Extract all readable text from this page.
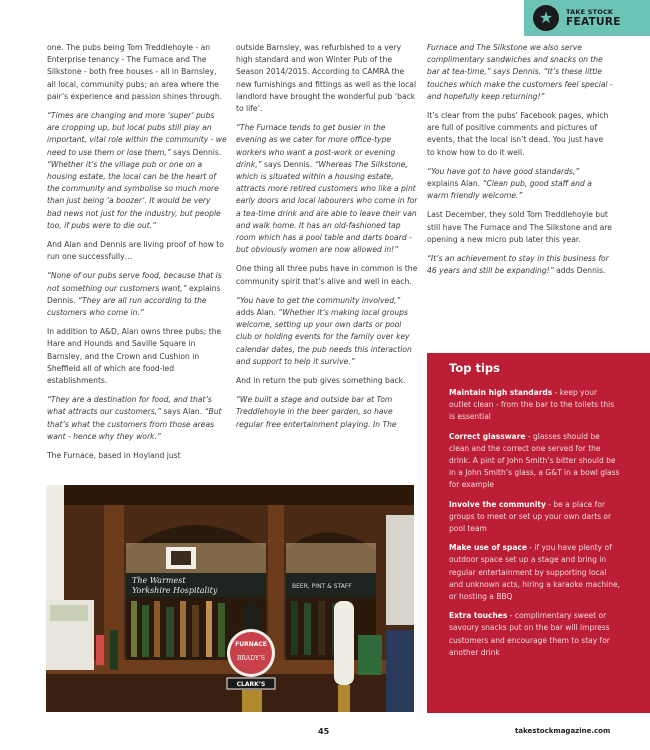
★	TAKE STOCK
FEATURE

one. The pubs being Tom Treddlehoyle - an Enterprise tenancy - The Furnace and The Silkstone - both free houses - all in Barnsley, all local, community pubs; an area where the pair’s experience and passion shines through.

“Times are changing and more ‘super’ pubs are cropping up, but local pubs still play an important, vital role within the community - we need to use them or lose them,” says Dennis. “Whether it’s the village pub or one on a housing estate, the local can be the heart of the community and symbolise so much more than just being ‘a boozer’. It would be very bad news not just for the industry, but people too, if pubs were to die out.”

And Alan and Dennis are living proof of how to run one successfully…

“None of our pubs serve food, because that is not something our customers want,” explains Dennis. “They are all run according to the customers who come in.”

In addition to A&D, Alan owns three pubs; the Hare and Hounds and Saville Square in Barnsley, and the Crown and Cushion in Sheffield all of which are food-led establishments.

“They are a destination for food, and that’s what attracts our customers,” says Alan. “But that’s what the customers from those areas want - hence why they work.”

The Furnace, based in Hoyland just

outside Barnsley, was refurbished to a very high standard and won Winter Pub of the Season 2014/2015. According to CAMRA the new furnishings and fittings as well as the local landlord have brought the wonderful pub ‘back to life’.

“The Furnace tends to get busier in the evening as we cater for more office-type workers who want a post-work or evening drink,” says Dennis. “Whereas The Silkstone, which is situated within a housing estate, attracts more retired customers who like a pint early doors and local labourers who come in for a tea-time drink and are able to leave their van and walk home. It has an old-fashioned tap room which has a pool table and darts board - but obviously women are now allowed in!”

One thing all three pubs have in common is the community spirit that’s alive and well in each.

“You have to get the community involved,” adds Alan. “Whether it’s making local groups welcome, setting up your own darts or pool club or holding events for the family over key calendar dates, the pub needs this interaction and support to help it survive.”

And in return the pub gives something back.

“We built a stage and outside bar at Tom Treddlehoyle in the beer garden, so have regular free entertainment playing. In The

Furnace and The Silkstone we also serve complimentary sandwiches and snacks on the bar at tea-time,” says Dennis. “It’s these little touches which make the customers feel special - and hopefully keep returning!”

It’s clear from the pubs’ Facebook pages, which are full of positive comments and pictures of events, that the local isn’t dead. You just have to know how to do it well.

“You have got to have good standards,” explains Alan. “Clean pub, good staff and a warm friendly welcome.”

Last December, they sold Tom Treddlehoyle but still have The Furnace and The Silkstone and are opening a new micro pub later this year.

“It’s an achievement to stay in this business for 46 years and still be expanding!” adds Dennis.

The Warmest Yorkshire Hospitality	BEER, PINT & STAFF
FURNACE
BRADY’S
CLARK’S
Top tips
Maintain high standards - keep your outlet clean - from the bar to the toilets this is essential
Correct glassware - glasses should be clean and the correct one served for the drink. A pint of John Smith’s bitter should be in a John Smith’s glass, a G&T in a bowl glass for example
Involve the community - be a place for groups to meet or set up your own darts or pool team
Make use of space - if you have plenty of outdoor space set up a stage and bring in regular entertainment by supporting local and unknown acts, hiring a karaoke machine, or hosting a BBQ
Extra touches - complimentary sweet or savoury snacks put on the bar will impress customers and encourage them to stay for another drink
45	takestockmagazine.com
